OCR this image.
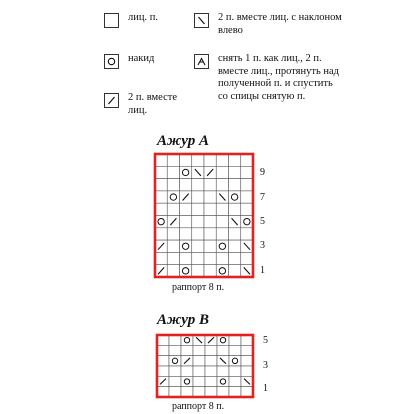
лиц. п.
накид
2 п. вместе лиц.
2 п. вместе лиц. с наклоном влево
снять 1 п. как лиц., 2 п. вместе лиц., протянуть над полученной п. и спустить со спицы снятую п.
Ажур А
9
7
5
3
1
раппорт 8 п.
Ажур В
5
3
1
раппорт 8 п.
